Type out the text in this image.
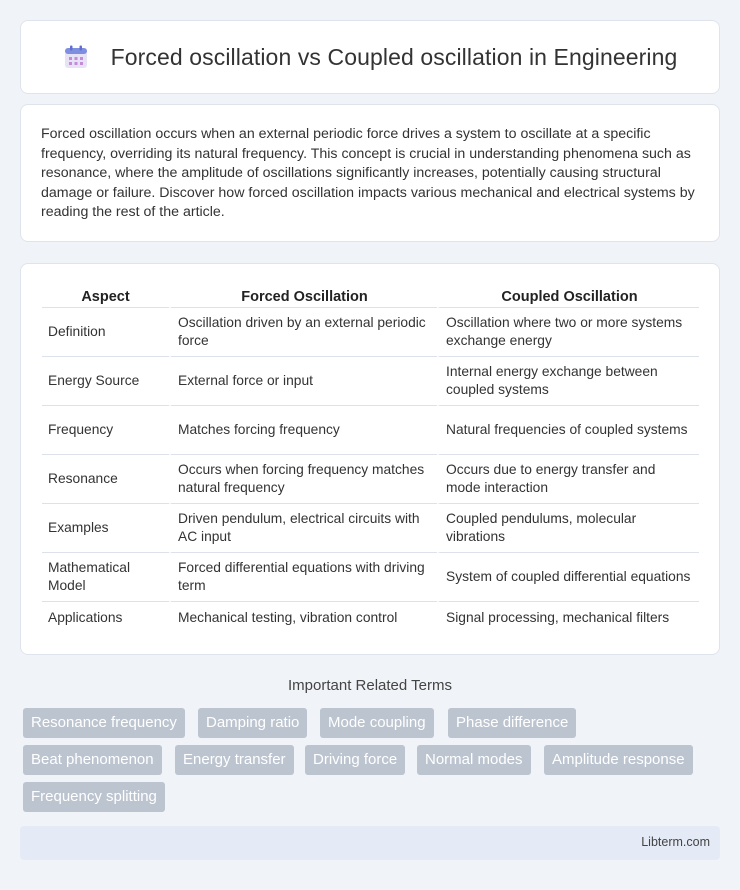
Forced oscillation vs Coupled oscillation in Engineering

Forced oscillation occurs when an external periodic force drives a system to oscillate at a specific frequency, overriding its natural frequency. This concept is crucial in understanding phenomena such as resonance, where the amplitude of oscillations significantly increases, potentially causing structural damage or failure. Discover how forced oscillation impacts various mechanical and electrical systems by reading the rest of the article.

Aspect	Forced Oscillation	Coupled Oscillation
Definition	Oscillation driven by an external periodic force	Oscillation where two or more systems exchange energy
Energy Source	External force or input	Internal energy exchange between coupled systems
Frequency	Matches forcing frequency	Natural frequencies of coupled systems
Resonance	Occurs when forcing frequency matches natural frequency	Occurs due to energy transfer and mode interaction
Examples	Driven pendulum, electrical circuits with AC input	Coupled pendulums, molecular vibrations
Mathematical Model	Forced differential equations with driving term	System of coupled differential equations
Applications	Mechanical testing, vibration control	Signal processing, mechanical filters
Important Related Terms
Resonance frequency	Damping ratio	Mode coupling	Phase difference
Beat phenomenon	Energy transfer	Driving force	Normal modes	Amplitude response
Frequency splitting
Libterm.com
